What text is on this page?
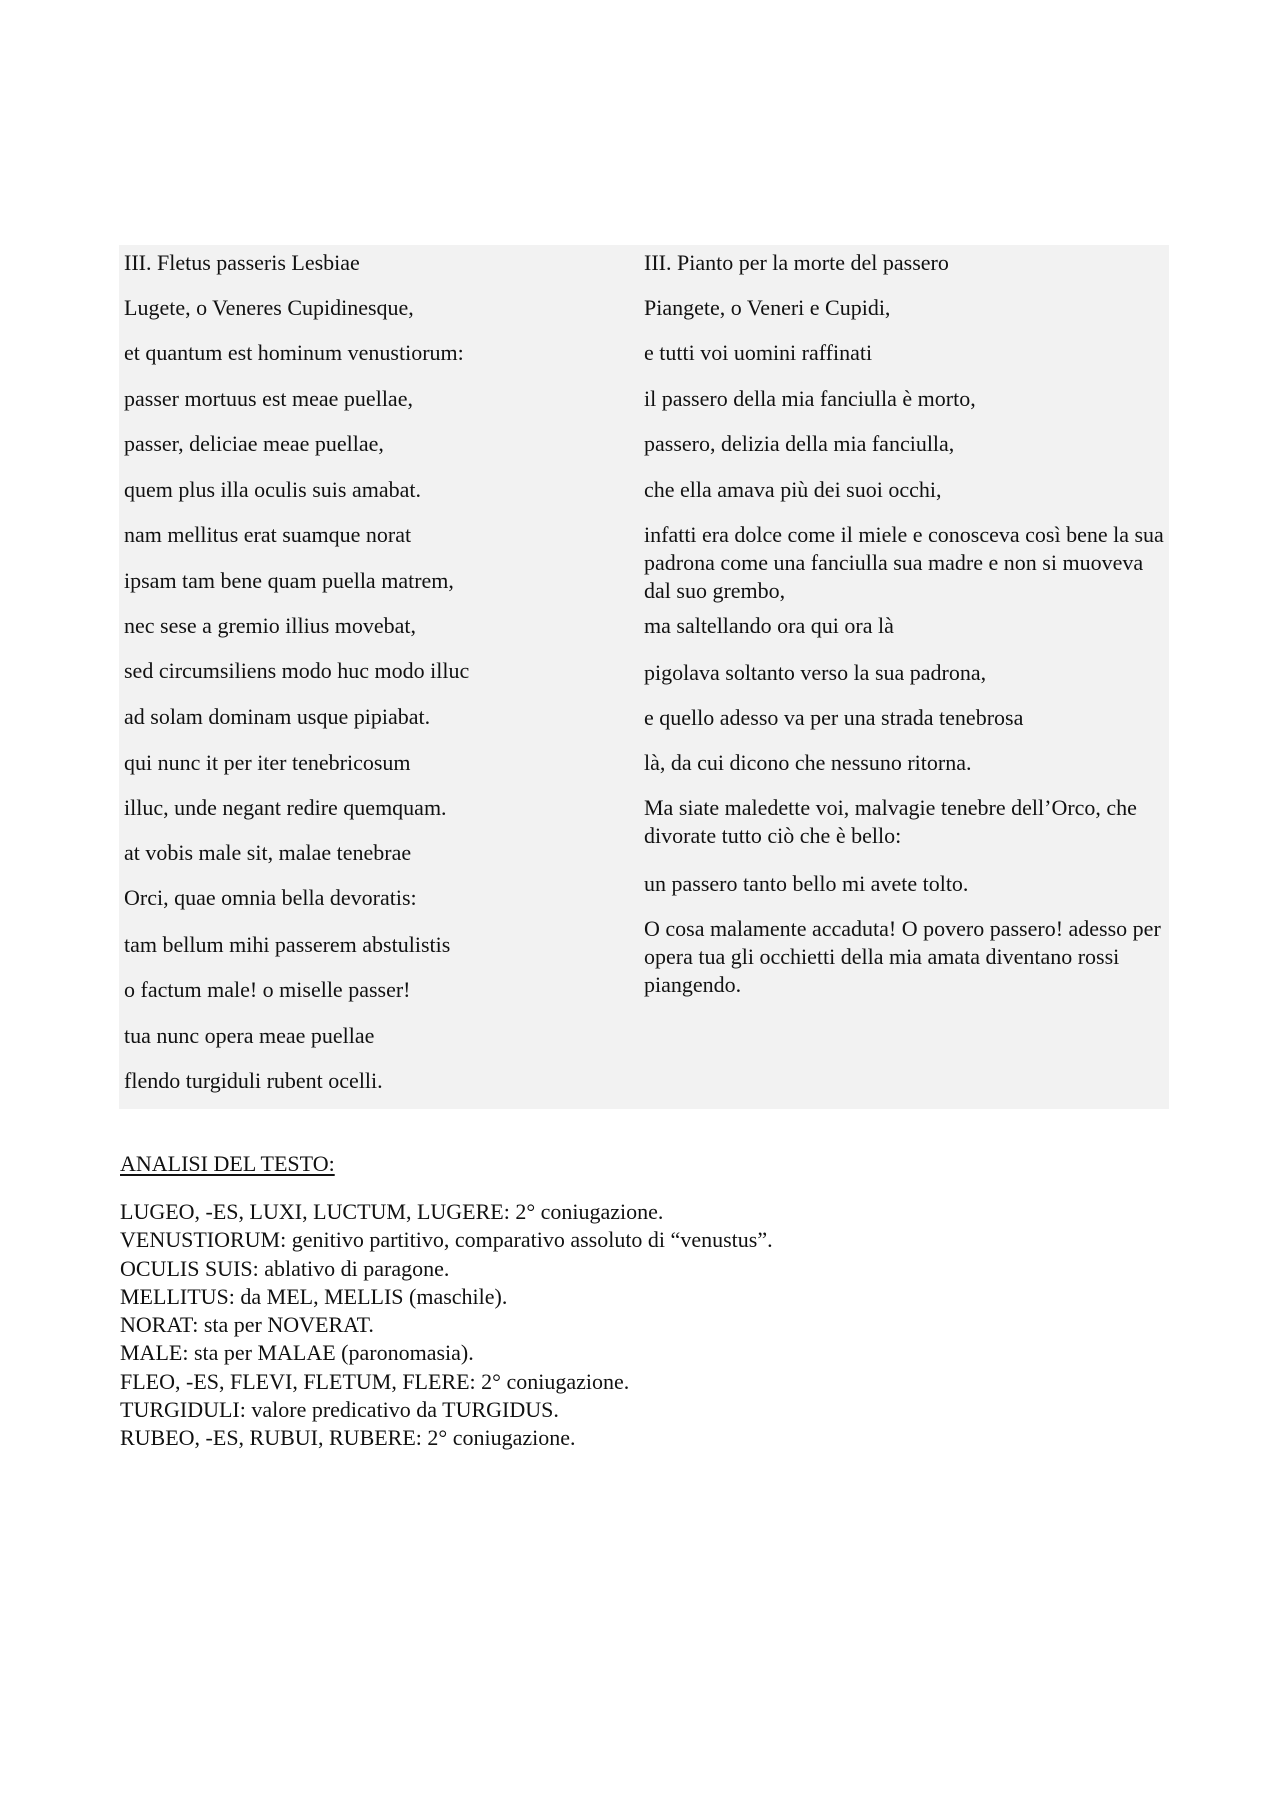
III. Fletus passeris Lesbiae
Lugete, o Veneres Cupidinesque,
et quantum est hominum venustiorum:
passer mortuus est meae puellae,
passer, deliciae meae puellae,
quem plus illa oculis suis amabat.
nam mellitus erat suamque norat
ipsam tam bene quam puella matrem,
nec sese a gremio illius movebat,
sed circumsiliens modo huc modo illuc
ad solam dominam usque pipiabat.
qui nunc it per iter tenebricosum
illuc, unde negant redire quemquam.
at vobis male sit, malae tenebrae
Orci, quae omnia bella devoratis:
tam bellum mihi passerem abstulistis
o factum male! o miselle passer!
tua nunc opera meae puellae
flendo turgiduli rubent ocelli.
III. Pianto per la morte del passero
Piangete, o Veneri e Cupidi,
e tutti voi uomini raffinati
il passero della mia fanciulla è morto,
passero, delizia della mia fanciulla,
che ella amava più dei suoi occhi,
infatti era dolce come il miele e conosceva così bene la sua padrona come una fanciulla sua madre e non si muoveva dal suo grembo,
ma saltellando ora qui ora là
pigolava soltanto verso la sua padrona,
e quello adesso va per una strada tenebrosa
là, da cui dicono che nessuno ritorna.
Ma siate maledette voi, malvagie tenebre dell’Orco, che divorate tutto ciò che è bello:
un passero tanto bello mi avete tolto.
O cosa malamente accaduta! O povero passero! adesso per opera tua gli occhietti della mia amata diventano rossi piangendo.
ANALISI DEL TESTO:
LUGEO, -ES, LUXI, LUCTUM, LUGERE: 2° coniugazione.
VENUSTIORUM: genitivo partitivo, comparativo assoluto di “venustus”.
OCULIS SUIS: ablativo di paragone.
MELLITUS: da MEL, MELLIS (maschile).
NORAT: sta per NOVERAT.
MALE: sta per MALAE (paronomasia).
FLEO, -ES, FLEVI, FLETUM, FLERE: 2° coniugazione.
TURGIDULI: valore predicativo da TURGIDUS.
RUBEO, -ES, RUBUI, RUBERE: 2° coniugazione.
